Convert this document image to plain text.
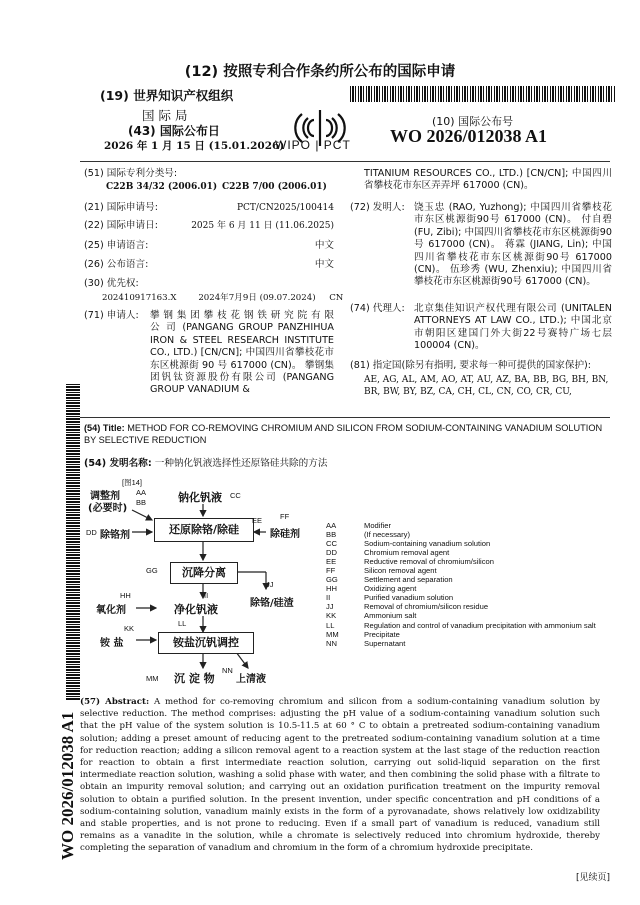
(12) 按照专利合作条约所公布的国际申请
(19) 世界知识产权组织
国 际 局
(43) 国际公布日
2026 年 1 月 15 日 (15.01.2026)
WIPO | PCT
(10) 国际公布号
WO 2026/012038 A1
(51) 国际专利分类号:
C22B 34/32 (2006.01) C22B 7/00 (2006.01)
(21) 国际申请号:	PCT/CN2025/100414
(22) 国际申请日:	2025 年 6 月 11 日 (11.06.2025)
(25) 申请语言:	中文
(26) 公布语言:	中文
(30) 优先权:
202410917163.X        2024年7月9日 (09.07.2024)     CN
(71) 申请人: 攀 钢 集 团 攀 枝 花 钢 铁 研 究 院 有 限 公 司 (PANGANG GROUP PANZHIHUA IRON & STEEL RESEARCH INSTITUTE CO., LTD.) [CN/CN]; 中国四川省攀枝花市东区桃源街 90 号 617000 (CN)。 攀钢集团钒钛资源股份有限公司 (PANGANG GROUP VANADIUM &
TITANIUM RESOURCES CO., LTD.) [CN/CN]; 中国四川省攀枝花市东区弄弄坪 617000 (CN)。
(72) 发明人: 饶玉忠 (RAO, Yuzhong); 中国四川省攀枝花市东区桃源街90号 617000 (CN)。 付自碧 (FU, Zibi); 中国四川省攀枝花市东区桃源街90号 617000 (CN)。 蒋霖 (JIANG, Lin); 中国四川省攀枝花市东区桃源街90号 617000 (CN)。 伍珍秀 (WU, Zhenxiu); 中国四川省攀枝花市东区桃源街90号 617000 (CN)。
(74) 代理人: 北京集佳知识产权代理有限公司 (UNITALEN ATTORNEYS AT LAW CO., LTD.); 中国北京市朝阳区建国门外大街22号赛特广场七层 100004 (CN)。
(81) 指定国(除另有指明, 要求每一种可提供的国家保护):
AE, AG, AL, AM, AO, AT, AU, AZ, BA, BB, BG, BH, BN, BR, BW, BY, BZ, CA, CH, CL, CN, CO, CR, CU,
(54) Title: METHOD FOR CO-REMOVING CHROMIUM AND SILICON FROM SODIUM-CONTAINING VANADIUM SOLUTION BY SELECTIVE REDUCTION
(54) 发明名称: 一种钠化钒液选择性还原铬硅共除的方法
[图14]
调整剂
(必要时)
AA
BB	钠化钒液 CC
DD 除铬剂	还原除铬/除硅
EE FF
除硅剂
GG	沉降分离
HH	II
JJ
氧化剂	净化钒液	除铬/硅渣
KK
LL
铵 盐	铵盐沉钒调控
MM 沉 淀 物
NN
上清液
AA	Modifier
BB	(If necessary)
CC	Sodium-containing vanadium solution
DD	Chromium removal agent
EE	Reductive removal of chromium/silicon
FF	Silicon removal agent
GG	Settlement and separation
HH	Oxidizing agent
II	Purified vanadium solution
JJ	Removal of chromium/silicon residue
KK	Ammonium salt
LL	Regulation and control of vanadium precipitation with ammonium salt
MM	Precipitate
NN	Supernatant
(57) Abstract: A method for co-removing chromium and silicon from a sodium-containing vanadium solution by selective reduction. The method comprises: adjusting the pH value of a sodium-containing vanadium solution such that the pH value of the system solution is 10.5-11.5 at 60 ° C to obtain a pretreated sodium-containing vanadium solution; adding a preset amount of reducing agent to the pretreated sodium-containing vanadium solution at a time for reduction reaction; adding a silicon removal agent to a reaction system at the last stage of the reduction reaction for reaction to obtain a first intermediate reaction solution, carrying out solid-liquid separation on the first intermediate reaction solution, washing a solid phase with water, and then combining the solid phase with a filtrate to obtain an impurity removal solution; and carrying out an oxidation purification treatment on the impurity removal solution to obtain a purified solution. In the present invention, under specific concentration and pH conditions of a sodium-containing solution, vanadium mainly exists in the form of a pyrovanadate, shows relatively low oxidizability and stable properties, and is not prone to reducing. Even if a small part of vanadium is reduced, vanadium still remains as a vanadite in the solution, while a chromate is selectively reduced into chromium hydroxide, thereby completing the separation of vanadium and chromium in the form of a chromium hydroxide precipitate.
WO 2026/012038 A1
[见续页]
